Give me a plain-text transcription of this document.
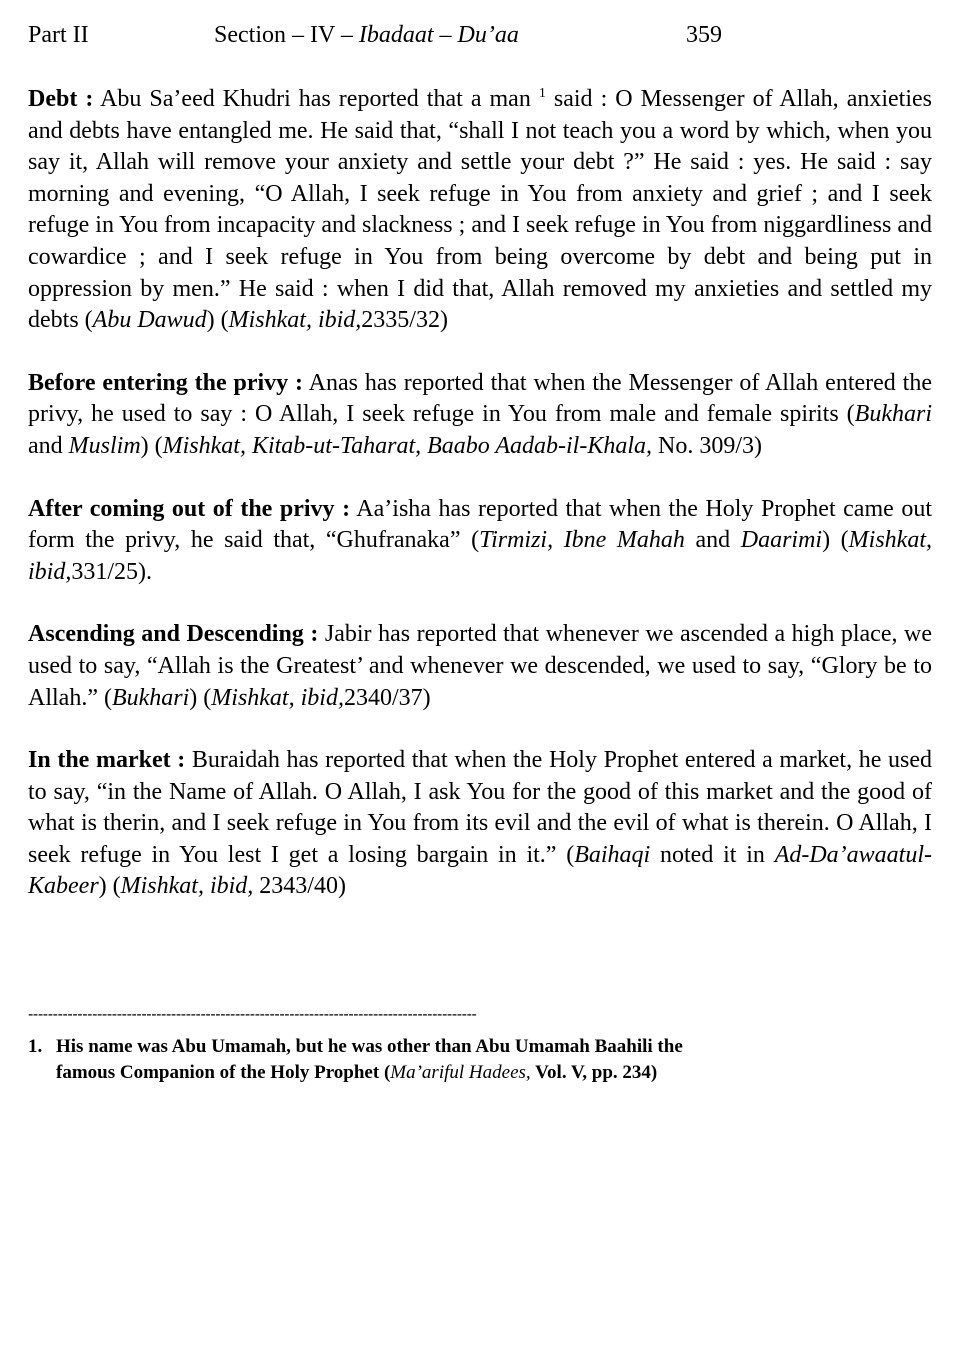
Part II	Section – IV – Ibadaat – Du’aa	359

Debt : Abu Sa’eed Khudri has reported that a man $^1$ said : O Messenger of Allah, anxieties and debts have entangled me. He said that, “shall I not teach you a word by which, when you say it, Allah will remove your anxiety and settle your debt ?” He said : yes. He said : say morning and evening, “O Allah, I seek refuge in You from anxiety and grief ; and I seek refuge in You from incapacity and slackness ; and I seek refuge in You from niggardliness and cowardice ; and I seek refuge in You from being overcome by debt and being put in oppression by men.” He said : when I did that, Allah removed my anxieties and settled my debts (Abu Dawud) (Mishkat, ibid,2335/32)

Before entering the privy : Anas has reported that when the Messenger of Allah entered the privy, he used to say : O Allah, I seek refuge in You from male and female spirits (Bukhari and Muslim) (Mishkat, Kitab-ut-Taharat, Baabo Aadab-il-Khala, No. 309/3)

After coming out of the privy : Aa’isha has reported that when the Holy Prophet came out form the privy, he said that, “Ghufranaka” (Tirmizi, Ibne Mahah and Daarimi) (Mishkat, ibid,331/25).

Ascending and Descending : Jabir has reported that whenever we ascended a high place, we used to say, “Allah is the Greatest’ and whenever we descended, we used to say, “Glory be to Allah.” (Bukhari) (Mishkat, ibid,2340/37)

In the market : Buraidah has reported that when the Holy Prophet entered a market, he used to say, “in the Name of Allah. O Allah, I ask You for the good of this market and the good of what is therin, and I seek refuge in You from its evil and the evil of what is therein. O Allah, I seek refuge in You lest I get a losing bargain in it.” (Baihaqi noted it in Ad-Da’awaatul-Kabeer) (Mishkat, ibid, 2343/40)

-------------------------------------------------------------------------------------------
1. His name was Abu Umamah, but he was other than Abu Umamah Baahili the famous Companion of the Holy Prophet (Ma’ariful Hadees, Vol. V, pp. 234)
